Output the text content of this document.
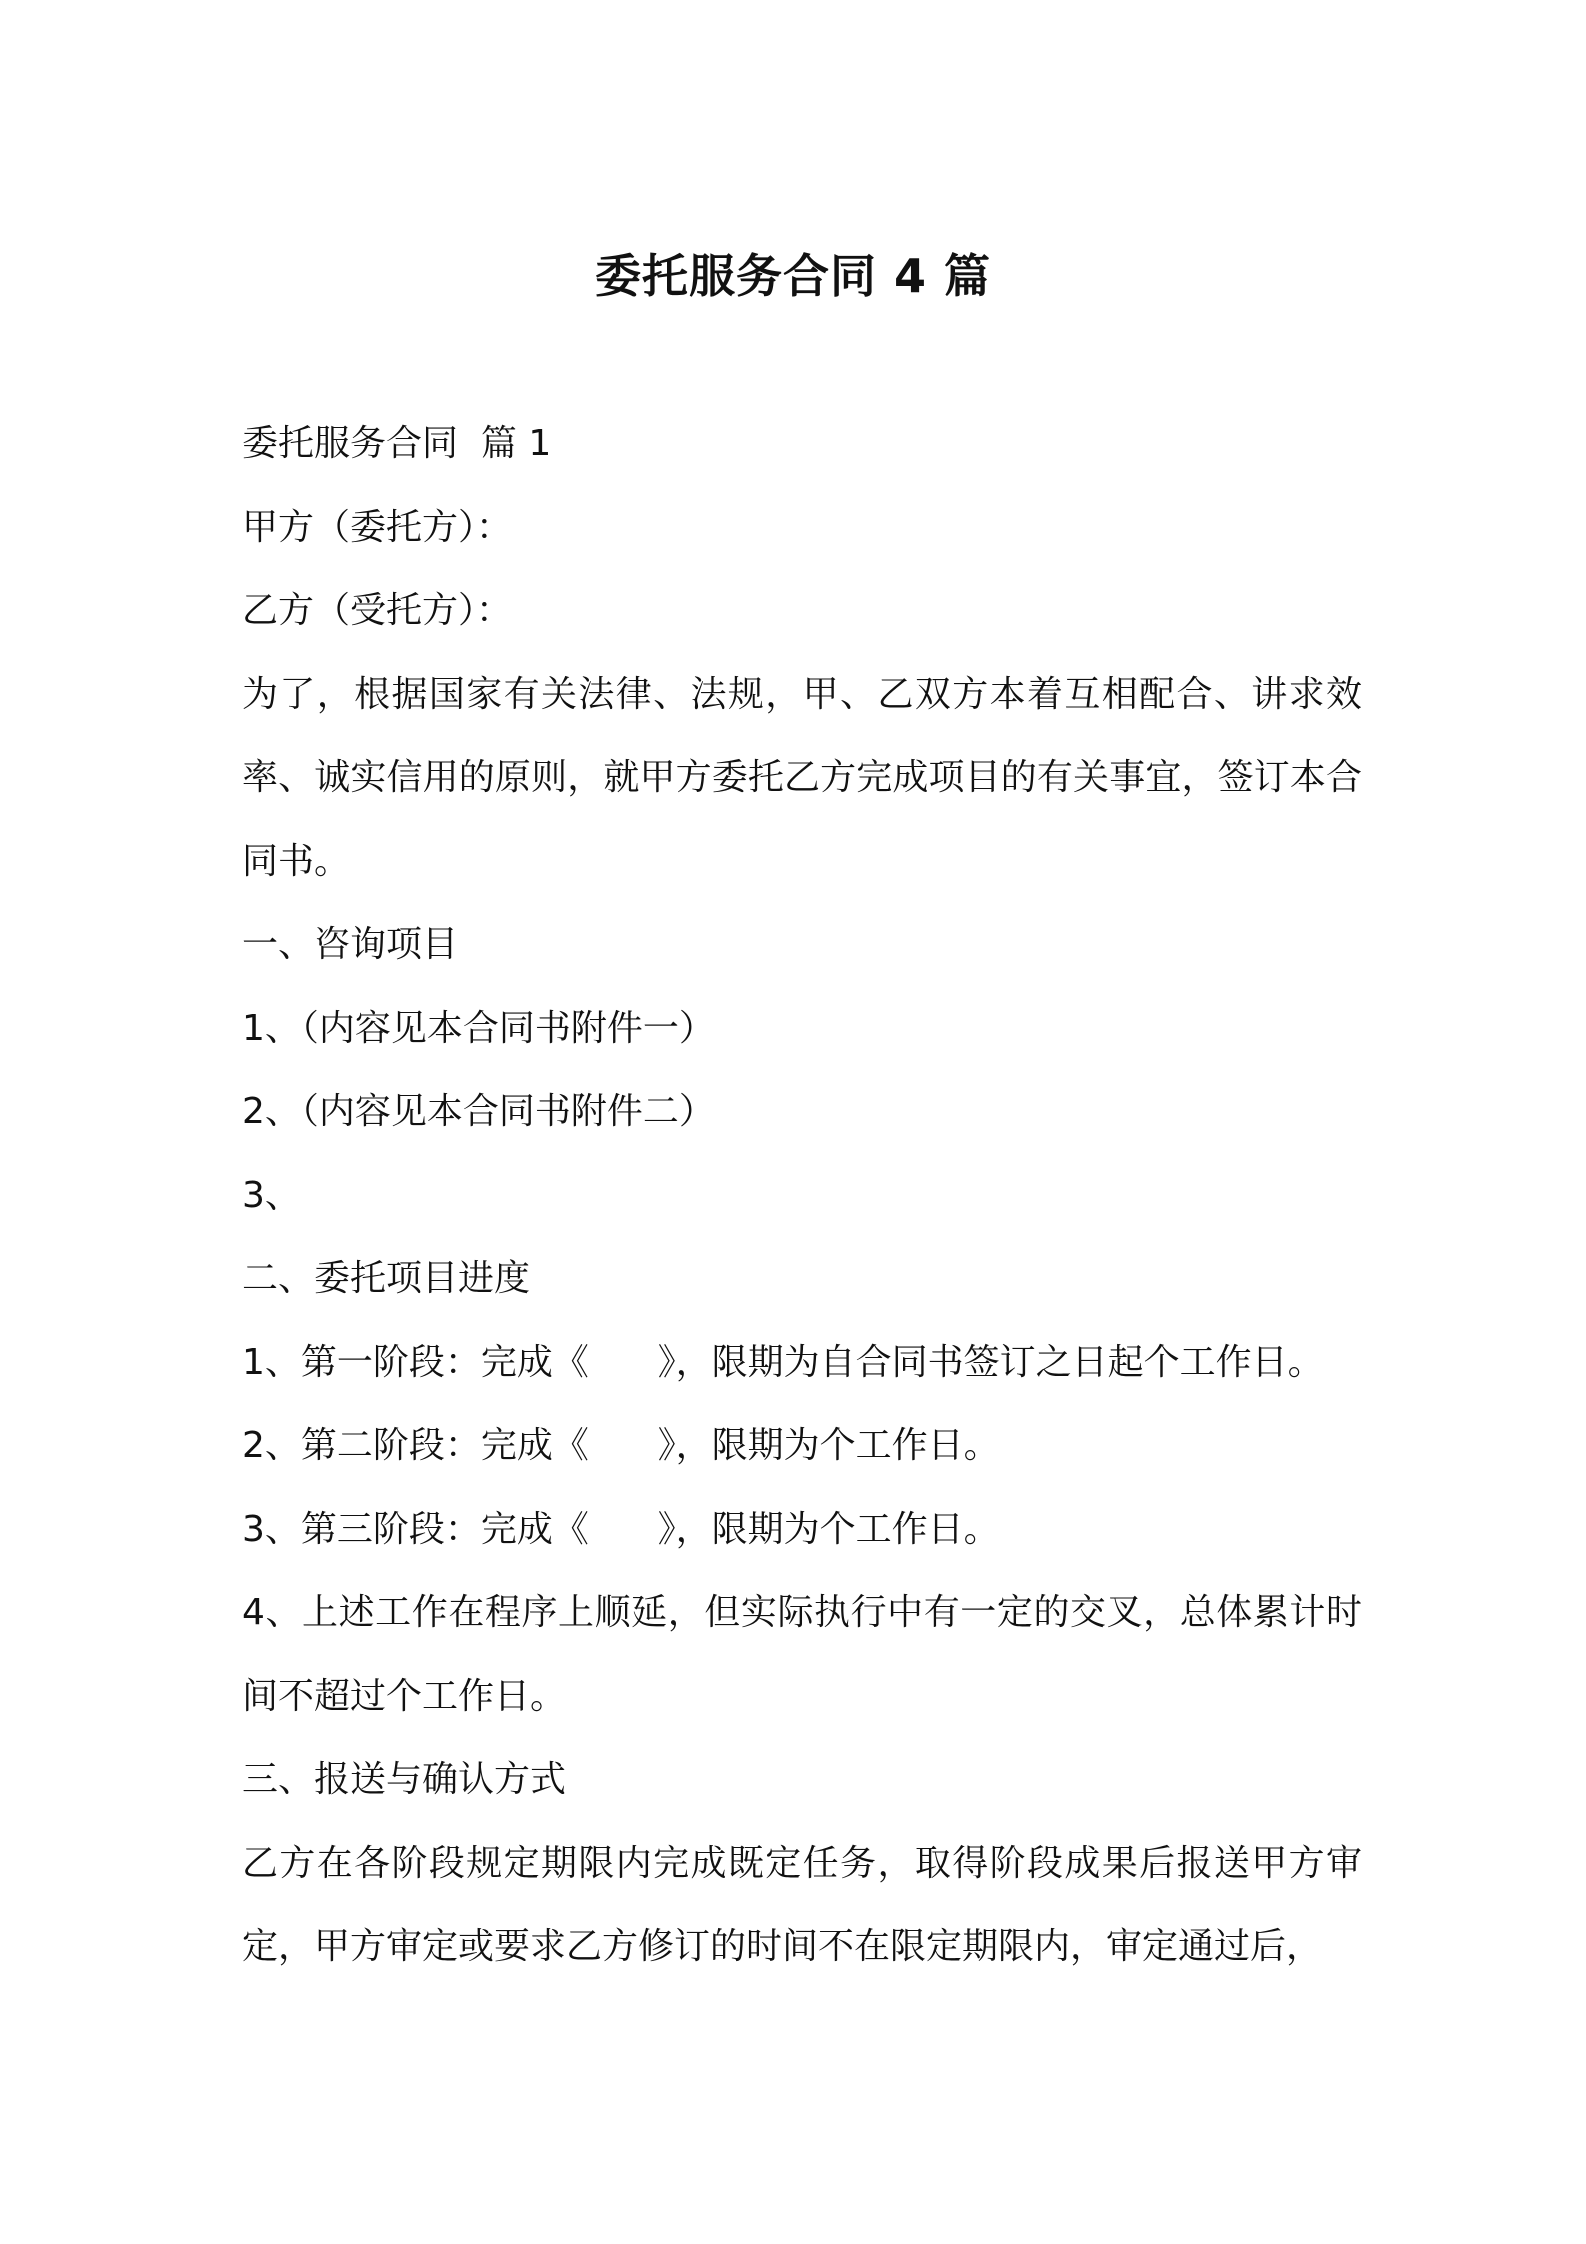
委托服务合同 4 篇

委托服务合同  篇 1

甲方（委托方）：

乙方（受托方）：

为了，根据国家有关法律、法规，甲、乙双方本着互相配合、讲求效率、诚实信用的原则，就甲方委托乙方完成项目的有关事宜，签订本合同书。

一、咨询项目

1、（内容见本合同书附件一）

2、（内容见本合同书附件二）

3、

二、委托项目进度

1、第一阶段：完成《      》，限期为自合同书签订之日起个工作日。

2、第二阶段：完成《      》，限期为个工作日。

3、第三阶段：完成《      》，限期为个工作日。

4、上述工作在程序上顺延，但实际执行中有一定的交叉，总体累计时间不超过个工作日。

三、报送与确认方式

乙方在各阶段规定期限内完成既定任务，取得阶段成果后报送甲方审定，甲方审定或要求乙方修订的时间不在限定期限内，审定通过后，
